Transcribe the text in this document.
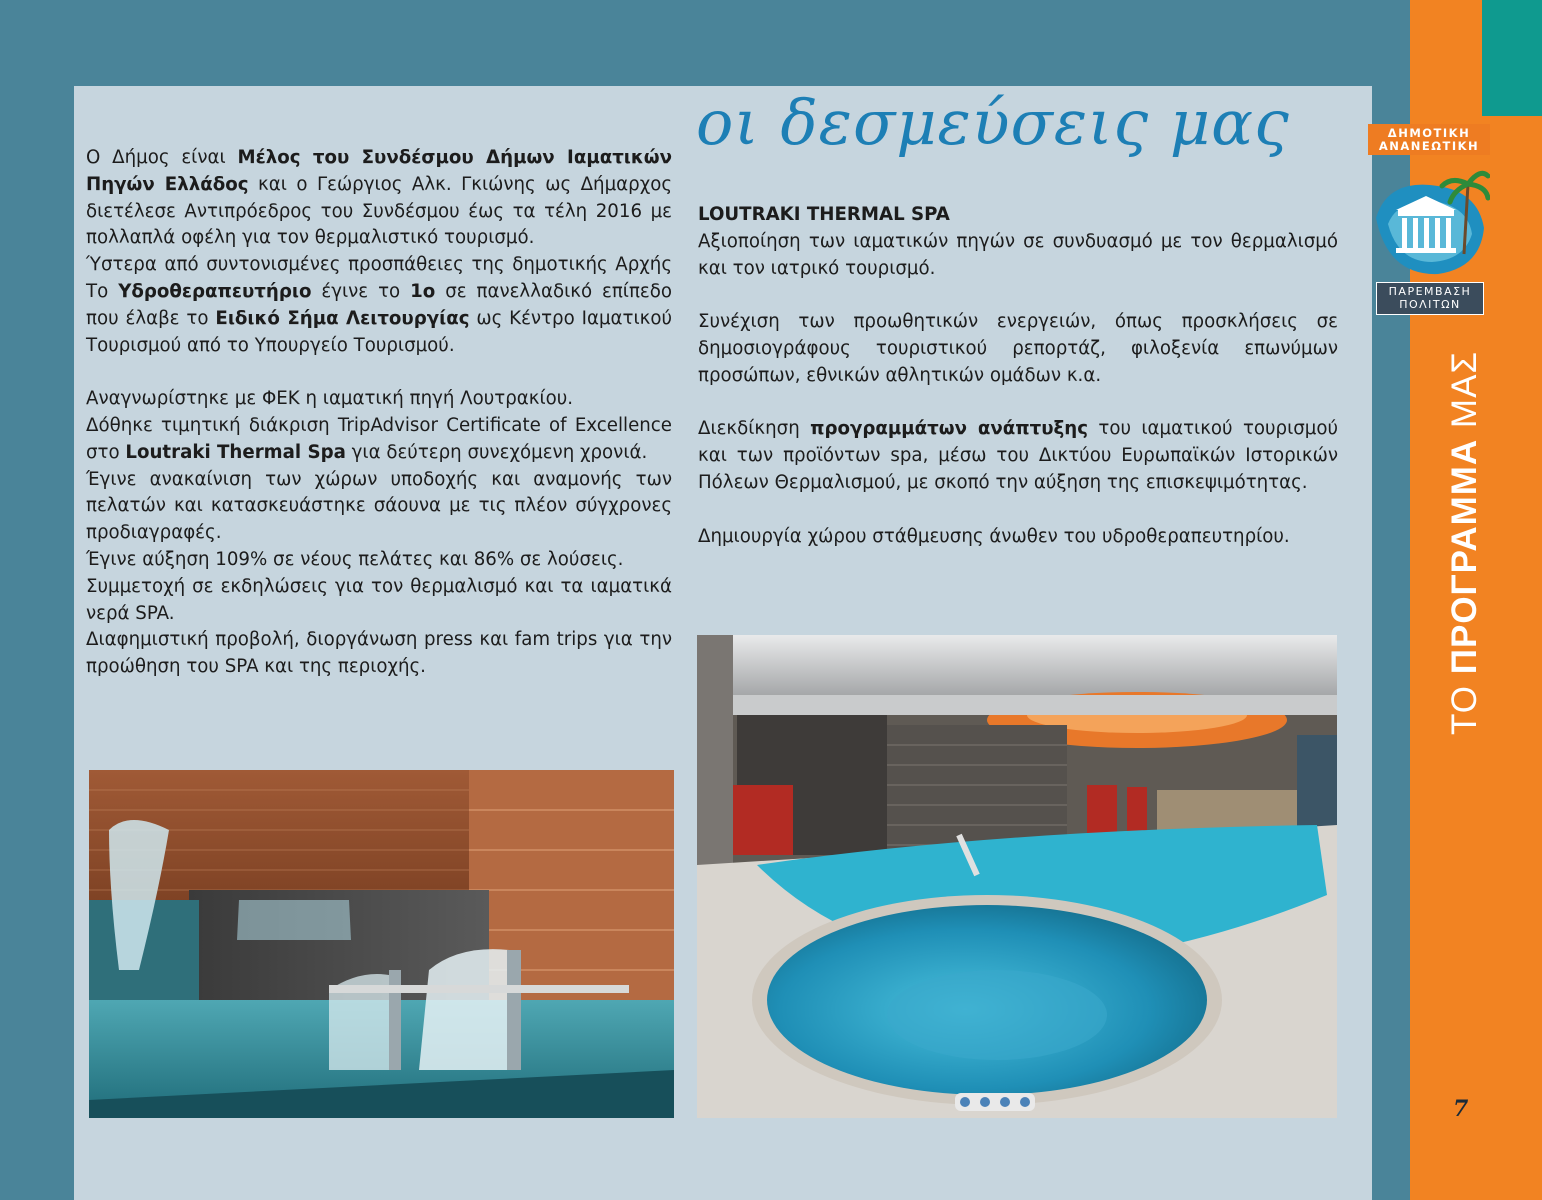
ΔΗΜΟΤΙΚΗ
ΑΝΑΝΕΩΤΙΚΗ
ΠΑΡΕΜΒΑΣΗ
ΠΟΛΙΤΩΝ
ΤΟ ΠΡΟΓΡΑΜΜΑ ΜΑΣ
7
οι δεσμεύσεις μας

Ο Δήμος είναι Μέλος του Συνδέσμου Δήμων Ιαματικών Πηγών Ελλάδος και ο Γεώργιος Αλκ. Γκιώνης ως Δήμαρχος διετέλεσε Αντιπρόεδρος του Συνδέσμου έως τα τέλη 2016 με πολλαπλά οφέλη για τον θερμαλιστικό τουρισμό.

Ύστερα από συντονισμένες προσπάθειες της δημοτικής Αρχής Το Υδροθεραπευτήριο έγινε το 1ο σε πανελλαδικό επίπεδο που έλαβε το Ειδικό Σήμα Λειτουργίας ως Κέντρο Ιαματικού Τουρισμού από το Υπουργείο Τουρισμού.

Αναγνωρίστηκε με ΦΕΚ η ιαματική πηγή Λουτρακίου.

Δόθηκε τιμητική διάκριση TripAdvisor Certificate of Excellence στο Loutraki Thermal Spa για δεύτερη συνεχόμενη χρονιά.

Έγινε ανακαίνιση των χώρων υποδοχής και αναμονής των πελατών και κατασκευάστηκε σάουνα με τις πλέον σύγχρονες προδιαγραφές.

Έγινε αύξηση 109% σε νέους πελάτες και 86% σε λούσεις.

Συμμετοχή σε εκδηλώσεις για τον θερμαλισμό και τα ιαματικά νερά SPA.

Διαφημιστική προβολή, διοργάνωση press και fam trips για την προώθηση του SPA και της περιοχής.

LOUTRAKI THERMAL SPA

Αξιοποίηση των ιαματικών πηγών σε συνδυασμό με τον θερμαλισμό και τον ιατρικό τουρισμό.

Συνέχιση των προωθητικών ενεργειών, όπως προσκλήσεις σε δημοσιογράφους τουριστικού ρεπορτάζ, φιλοξενία επωνύμων προσώπων, εθνικών αθλητικών ομάδων κ.α.

Διεκδίκηση προγραμμάτων ανάπτυξης του ιαματικού τουρισμού και των προϊόντων spa, μέσω του Δικτύου Ευρωπαϊκών Ιστορικών Πόλεων Θερμαλισμού, με σκοπό την αύξηση της επισκεψιμότητας.

Δημιουργία χώρου στάθμευσης άνωθεν του υδροθεραπευτηρίου.
